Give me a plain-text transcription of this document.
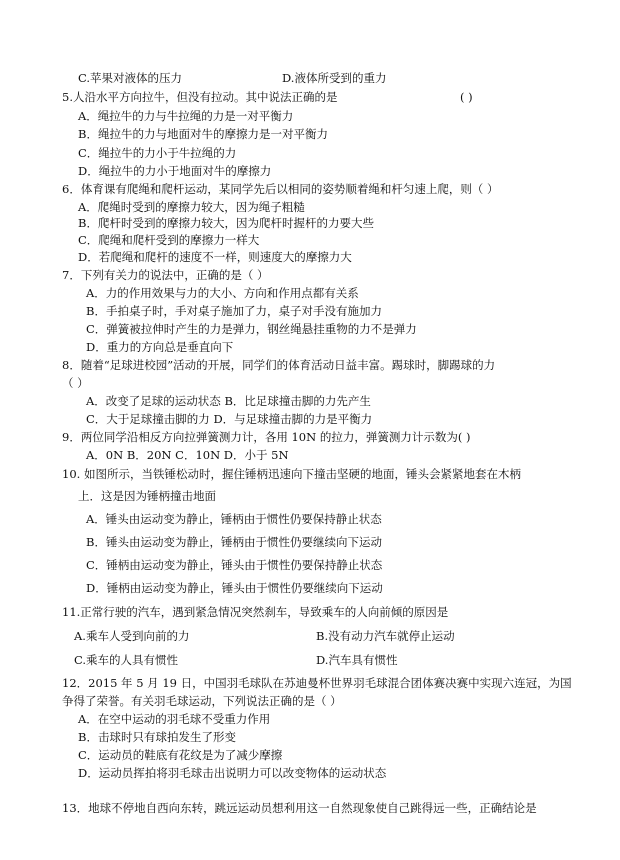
C.苹果对液体的压力	D.液体所受到的重力
5.人沿水平方向拉牛，但没有拉动。其中说法正确的是	( )
A．绳拉牛的力与牛拉绳的力是一对平衡力
B．绳拉牛的力与地面对牛的摩擦力是一对平衡力
C．绳拉牛的力小于牛拉绳的力
D．绳拉牛的力小于地面对牛的摩擦力
6．体育课有爬绳和爬杆运动，某同学先后以相同的姿势顺着绳和杆匀速上爬，则（ ）
A．爬绳时受到的摩擦力较大，因为绳子粗糙
B．爬杆时受到的摩擦力较大，因为爬杆时握杆的力要大些
C．爬绳和爬杆受到的摩擦力一样大
D．若爬绳和爬杆的速度不一样，则速度大的摩擦力大
7．下列有关力的说法中，正确的是（ ）
A．力的作用效果与力的大小、方向和作用点都有关系
B．手拍桌子时，手对桌子施加了力，桌子对手没有施加力
C．弹簧被拉伸时产生的力是弹力，钢丝绳悬挂重物的力不是弹力
D．重力的方向总是垂直向下
8．随着“足球进校园”活动的开展，同学们的体育活动日益丰富。踢球时，脚踢球的力
（ ）
A．改变了足球的运动状态 B．比足球撞击脚的力先产生
C．大于足球撞击脚的力 D．与足球撞击脚的力是平衡力
9．两位同学沿相反方向拉弹簧测力计，各用 10N 的拉力，弹簧测力计示数为( )
A．0N B．20N C．10N D．小于 5N
10. 如图所示，当铁锤松动时，握住锤柄迅速向下撞击坚硬的地面，锤头会紧紧地套在木柄
上．这是因为锤柄撞击地面
A．锤头由运动变为静止，锤柄由于惯性仍要保持静止状态
B．锤头由运动变为静止，锤柄由于惯性仍要继续向下运动
C．锤柄由运动变为静止，锤头由于惯性仍要保持静止状态
D．锤柄由运动变为静止，锤头由于惯性仍要继续向下运动
11.正常行驶的汽车，遇到紧急情况突然刹车，导致乘车的人向前倾的原因是
A.乘车人受到向前的力	B.没有动力汽车就停止运动
C.乘车的人具有惯性	D.汽车具有惯性
12．2015 年 5 月 19 日，中国羽毛球队在苏迪曼杯世界羽毛球混合团体赛决赛中实现六连冠，为国
争得了荣誉。有关羽毛球运动，下列说法正确的是（ ）
A．在空中运动的羽毛球不受重力作用
B．击球时只有球拍发生了形变
C．运动员的鞋底有花纹是为了减少摩擦
D．运动员挥拍将羽毛球击出说明力可以改变物体的运动状态
13．地球不停地自西向东转，跳远运动员想利用这一自然现象使自己跳得远一些，正确结论是
